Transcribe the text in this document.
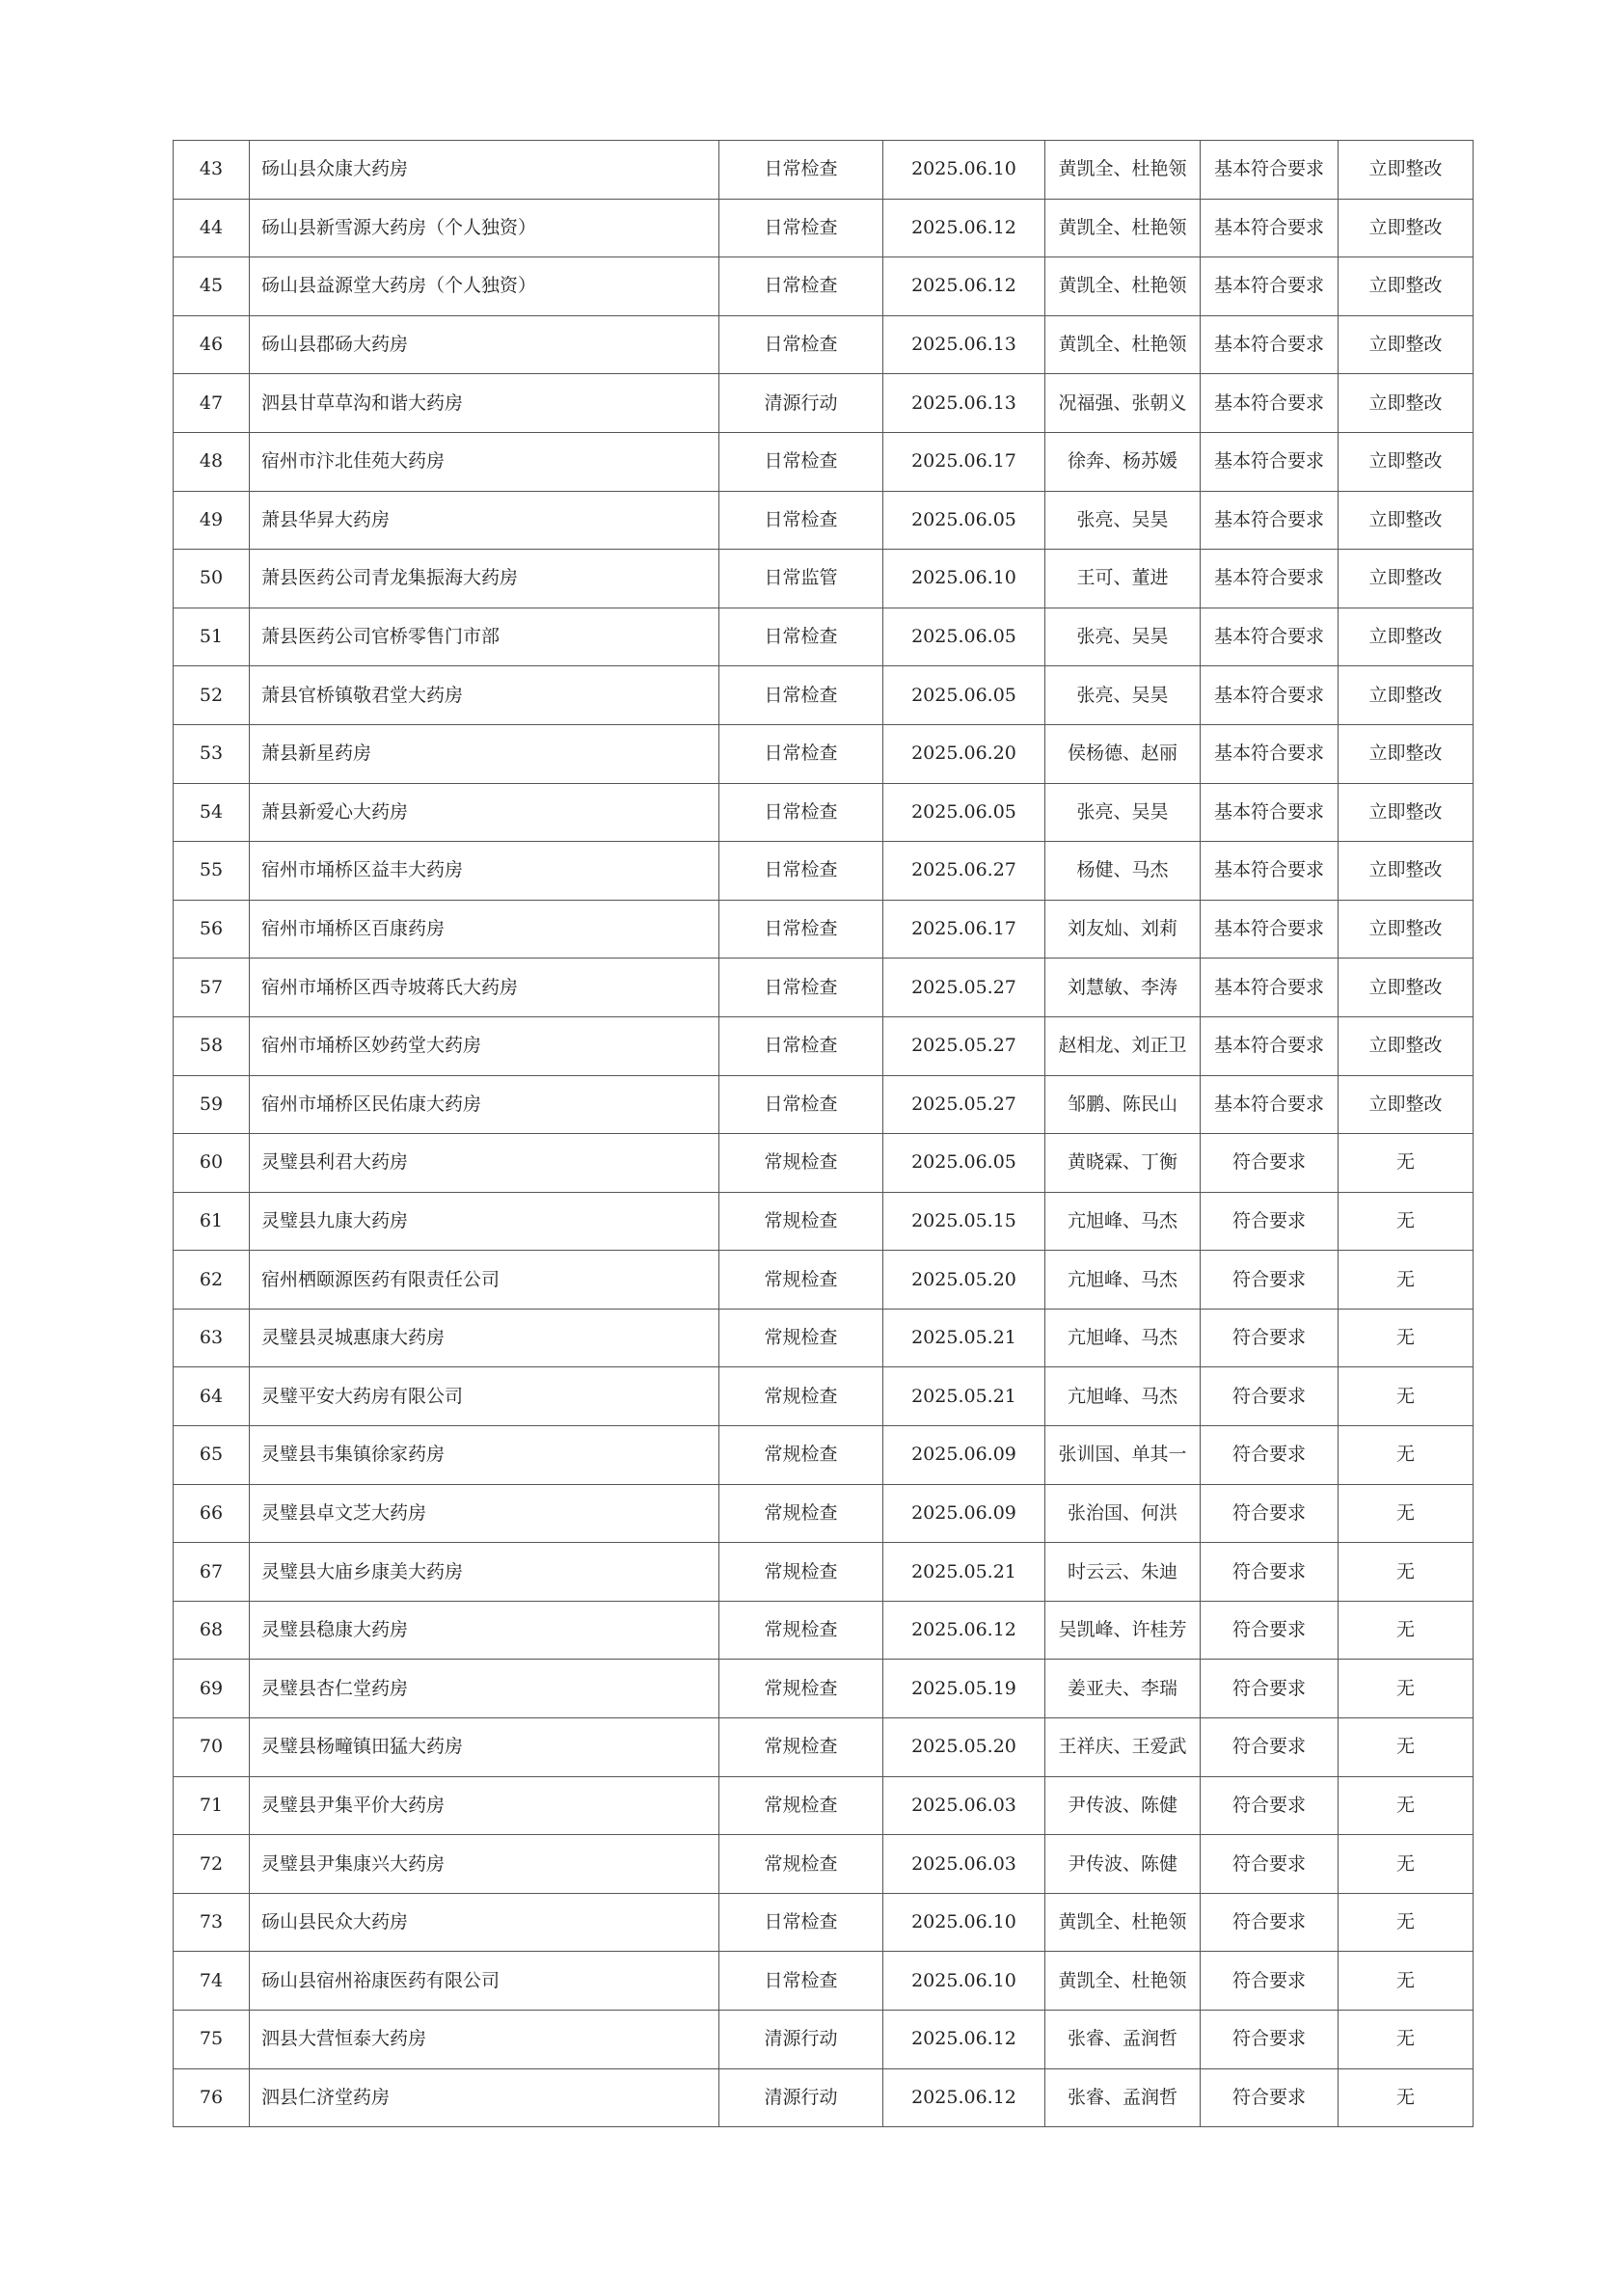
43	砀山县众康大药房	日常检查	2025.06.10	黄凯全、杜艳领	基本符合要求	立即整改
44	砀山县新雪源大药房（个人独资）	日常检查	2025.06.12	黄凯全、杜艳领	基本符合要求	立即整改
45	砀山县益源堂大药房（个人独资）	日常检查	2025.06.12	黄凯全、杜艳领	基本符合要求	立即整改
46	砀山县郡砀大药房	日常检查	2025.06.13	黄凯全、杜艳领	基本符合要求	立即整改
47	泗县甘草草沟和谐大药房	清源行动	2025.06.13	况福强、张朝义	基本符合要求	立即整改
48	宿州市汴北佳苑大药房	日常检查	2025.06.17	徐奔、杨苏媛	基本符合要求	立即整改
49	萧县华昇大药房	日常检查	2025.06.05	张亮、吴昊	基本符合要求	立即整改
50	萧县医药公司青龙集振海大药房	日常监管	2025.06.10	王可、董进	基本符合要求	立即整改
51	萧县医药公司官桥零售门市部	日常检查	2025.06.05	张亮、吴昊	基本符合要求	立即整改
52	萧县官桥镇敬君堂大药房	日常检查	2025.06.05	张亮、吴昊	基本符合要求	立即整改
53	萧县新星药房	日常检查	2025.06.20	侯杨德、赵丽	基本符合要求	立即整改
54	萧县新爱心大药房	日常检查	2025.06.05	张亮、吴昊	基本符合要求	立即整改
55	宿州市埇桥区益丰大药房	日常检查	2025.06.27	杨健、马杰	基本符合要求	立即整改
56	宿州市埇桥区百康药房	日常检查	2025.06.17	刘友灿、刘莉	基本符合要求	立即整改
57	宿州市埇桥区西寺坡蒋氏大药房	日常检查	2025.05.27	刘慧敏、李涛	基本符合要求	立即整改
58	宿州市埇桥区妙药堂大药房	日常检查	2025.05.27	赵相龙、刘正卫	基本符合要求	立即整改
59	宿州市埇桥区民佑康大药房	日常检查	2025.05.27	邹鹏、陈民山	基本符合要求	立即整改
60	灵璧县利君大药房	常规检查	2025.06.05	黄晓霖、丁衡	符合要求	无
61	灵璧县九康大药房	常规检查	2025.05.15	亢旭峰、马杰	符合要求	无
62	宿州栖颐源医药有限责任公司	常规检查	2025.05.20	亢旭峰、马杰	符合要求	无
63	灵璧县灵城惠康大药房	常规检查	2025.05.21	亢旭峰、马杰	符合要求	无
64	灵璧平安大药房有限公司	常规检查	2025.05.21	亢旭峰、马杰	符合要求	无
65	灵璧县韦集镇徐家药房	常规检查	2025.06.09	张训国、单其一	符合要求	无
66	灵璧县卓文芝大药房	常规检查	2025.06.09	张治国、何洪	符合要求	无
67	灵璧县大庙乡康美大药房	常规检查	2025.05.21	时云云、朱迪	符合要求	无
68	灵璧县稳康大药房	常规检查	2025.06.12	吴凯峰、许桂芳	符合要求	无
69	灵璧县杏仁堂药房	常规检查	2025.05.19	姜亚夫、李瑞	符合要求	无
70	灵璧县杨疃镇田猛大药房	常规检查	2025.05.20	王祥庆、王爱武	符合要求	无
71	灵璧县尹集平价大药房	常规检查	2025.06.03	尹传波、陈健	符合要求	无
72	灵璧县尹集康兴大药房	常规检查	2025.06.03	尹传波、陈健	符合要求	无
73	砀山县民众大药房	日常检查	2025.06.10	黄凯全、杜艳领	符合要求	无
74	砀山县宿州裕康医药有限公司	日常检查	2025.06.10	黄凯全、杜艳领	符合要求	无
75	泗县大营恒泰大药房	清源行动	2025.06.12	张睿、孟润哲	符合要求	无
76	泗县仁济堂药房	清源行动	2025.06.12	张睿、孟润哲	符合要求	无
